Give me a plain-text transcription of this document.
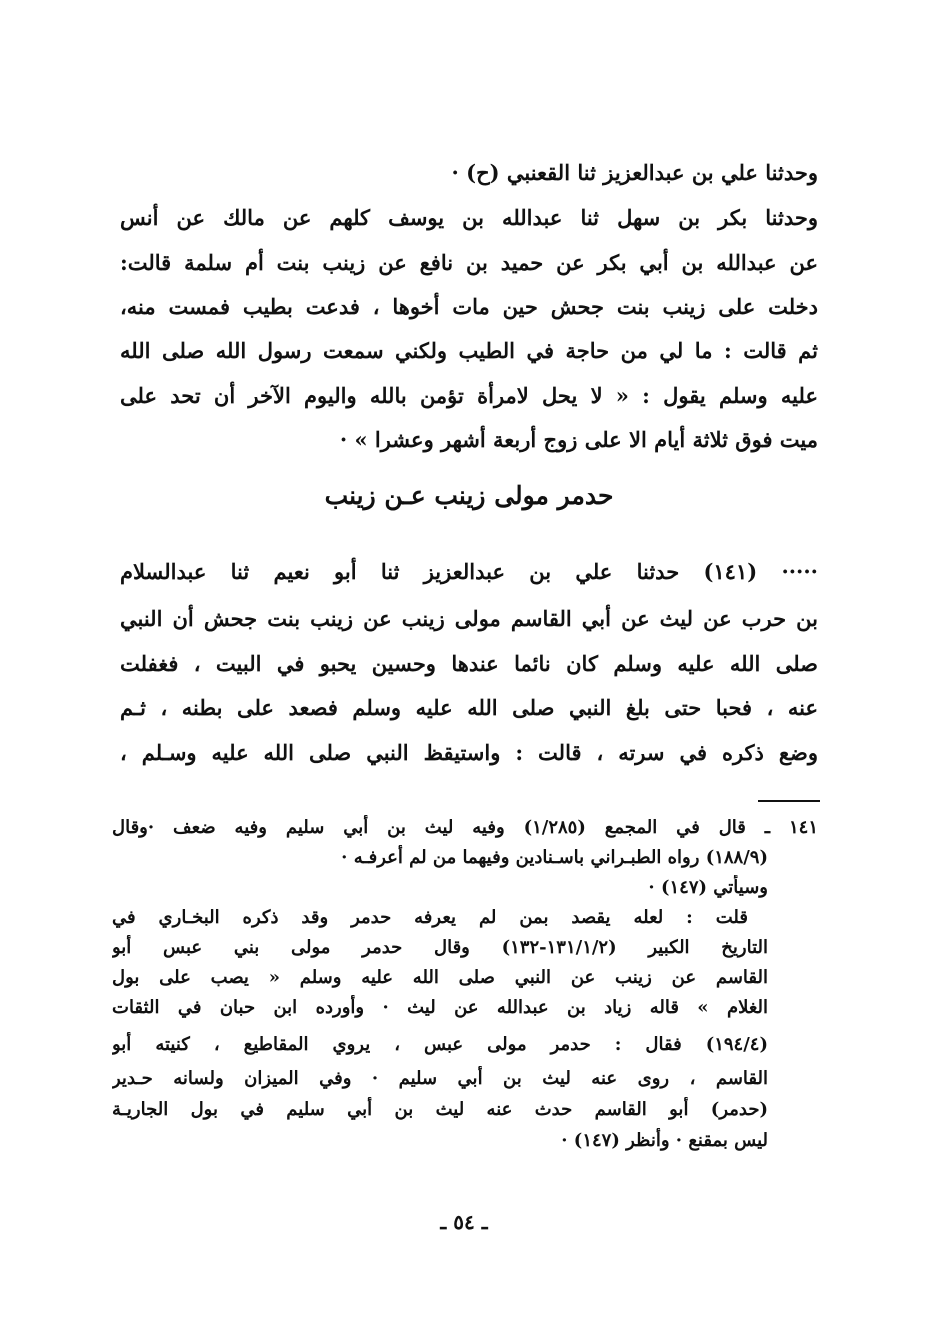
وحدثنا علي بن عبدالعزيز ثنا القعنبي (ح) ·
وحدثنا بكر بن سهل ثنا عبدالله بن يوسف كلهم عن مالك عن أنس
عن عبدالله بن أبي بكر عن حميد بن نافع عن زينب بنت أم سلمة قالت:
دخلت على زينب بنت جحش حين مات أخوها ، فدعت بطيب فمست منه،
ثم قالت : ما لي من حاجة في الطيب ولكني سمعت رسول الله صلى الله
عليه وسلم يقول : « لا يحل لامرأة تؤمن بالله واليوم الآخر أن تحد على
ميت فوق ثلاثة أيام الا على زوج أربعة أشهر وعشرا » ·
حدمر مولى زينب عـن زينب
····· (١٤١) حدثنا علي بن عبدالعزيز ثنا أبو نعيم ثنا عبدالسلام
بن حرب عن ليث عن أبي القاسم مولى زينب عن زينب بنت جحش أن النبي
صلى الله عليه وسلم كان نائما عندها وحسين يحبو في البيت ، فغفلت
عنه ، فحبا حتى بلغ النبي صلى الله عليه وسلم فصعد على بطنه ، ثـم
وضع ذكره في سرته ، قالت : واستيقظ النبي صلى الله عليه وسـلم ،
١٤١ ـ قال في المجمع (١/٢٨٥) وفيه ليث بن أبي سليم وفيه ضعف ·وقال
(١٨٨/٩) رواه الطبـراني باسـنادين وفيهما من لم أعرفـه ·
وسيأتي (١٤٧) ·
قلت : لعله يقصد بمن لم يعرفه حدمر وقد ذكره البخـاري في
التاريخ الكبير (١٣١/١/٢-١٣٢) وقال حدمر مولى بني عبس أبو
القاسم عن زينب عن النبي صلى الله عليه وسلم « يصب على بول
الغلام » قاله زياد بن عبدالله عن ليث · وأورده ابن حبان في الثقات
(١٩٤/٤) فقال : حدمر مولى عبس ، يروي المقاطيع ، كنيته أبو
القاسم ، روى عنه ليث بن أبي سليم · وفي الميزان ولسانه حـدير
(حدمر) أبو القاسم حدث عنه ليث بن أبي سليم في بول الجاريـة
ليس بمقنع · وأنظر (١٤٧) ·
ـ ٥٤ ـ
